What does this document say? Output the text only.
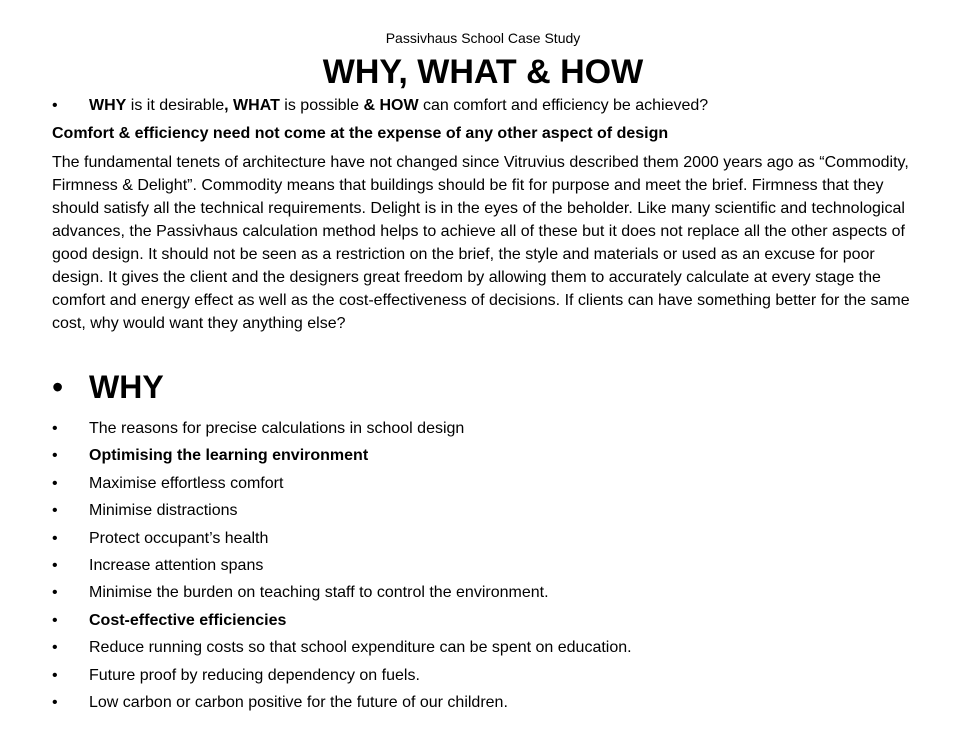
Passivhaus School Case Study
WHY, WHAT & HOW
• WHY is it desirable, WHAT is possible & HOW can comfort and efficiency be achieved?
Comfort & efficiency need not come at the expense of any other aspect of design
The fundamental tenets of architecture have not changed since Vitruvius described them 2000 years ago as “Commodity, Firmness & Delight”. Commodity means that buildings should be fit for purpose and meet the brief. Firmness that they should satisfy all the technical requirements. Delight is in the eyes of the beholder. Like many scientific and technological advances, the Passivhaus calculation method helps to achieve all of these but it does not replace all the other aspects of good design. It should not be seen as a restriction on the brief, the style and materials or used as an excuse for poor design. It gives the client and the designers great freedom by allowing them to accurately calculate at every stage the comfort and energy effect as well as the cost-effectiveness of decisions. If clients can have something better for the same cost, why would want they anything else?
• WHY
• The reasons for precise calculations in school design
• Optimising the learning environment
• Maximise effortless comfort
• Minimise distractions
• Protect occupant’s health
• Increase attention spans
• Minimise the burden on teaching staff to control the environment.
• Cost-effective efficiencies
• Reduce running costs so that school expenditure can be spent on education.
• Future proof by reducing dependency on fuels.
• Low carbon or carbon positive for the future of our children.
